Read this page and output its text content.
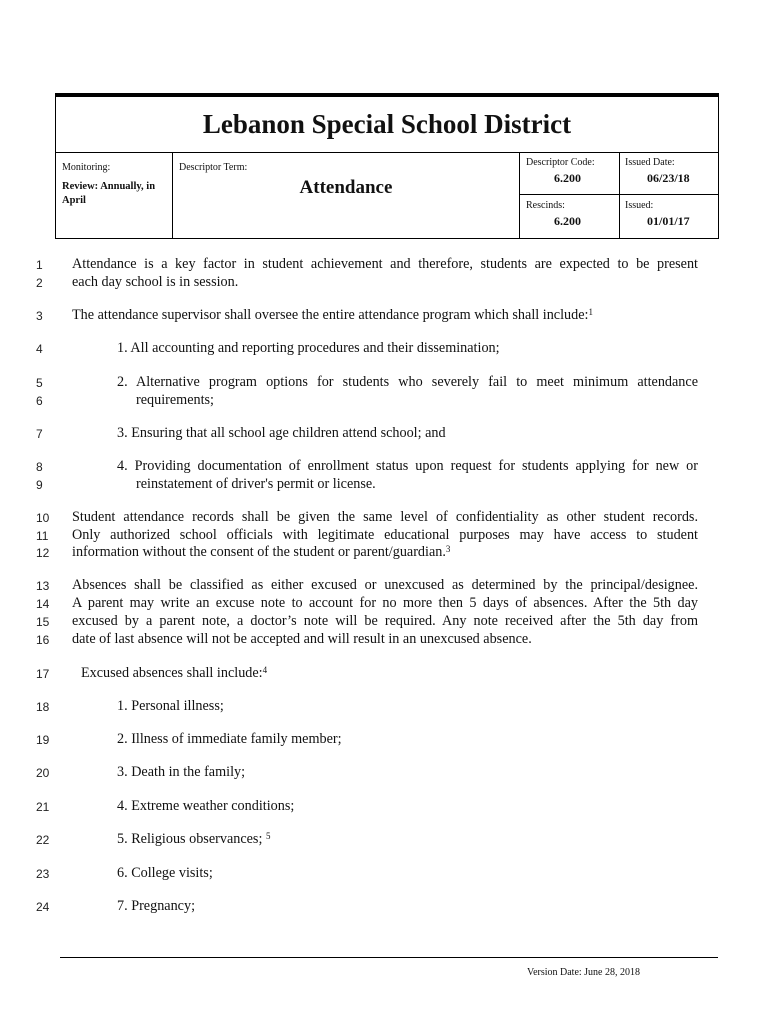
Lebanon Special School District
Monitoring:
Review: Annually, in
April
Descriptor Term:
Attendance
Descriptor Code:
6.200
Rescinds:
6.200
Issued Date:
06/23/18
Issued:
01/01/17
1
2
3
4
5
6
7
8
9
10
11
12
13
14
15
16
17
18
19
20
21
22
23
24
Attendance is a key factor in student achievement and therefore, students are expected to be present
each day school is in session.
The attendance supervisor shall oversee the entire attendance program which shall include:$^1$
1. All accounting and reporting procedures and their dissemination;
2. Alternative program options for students who severely fail to meet minimum attendance
requirements;
3. Ensuring that all school age children attend school; and
4. Providing documentation of enrollment status upon request for students applying for new or
reinstatement of driver's permit or license.
Student attendance records shall be given the same level of confidentiality as other student records.
Only authorized school officials with legitimate educational purposes may have access to student
information without the consent of the student or parent/guardian.$^3$
Absences shall be classified as either excused or unexcused as determined by the principal/designee.
A parent may write an excuse note to account for no more then 5 days of absences. After the 5th day
excused by a parent note, a doctor’s note will be required. Any note received after the 5th day from
date of last absence will not be accepted and will result in an unexcused absence.
Excused absences shall include:$^4$
1. Personal illness;
2. Illness of immediate family member;
3. Death in the family;
4. Extreme weather conditions;
5. Religious observances; $^5$
6. College visits;
7. Pregnancy;
Version Date: June 28, 2018
